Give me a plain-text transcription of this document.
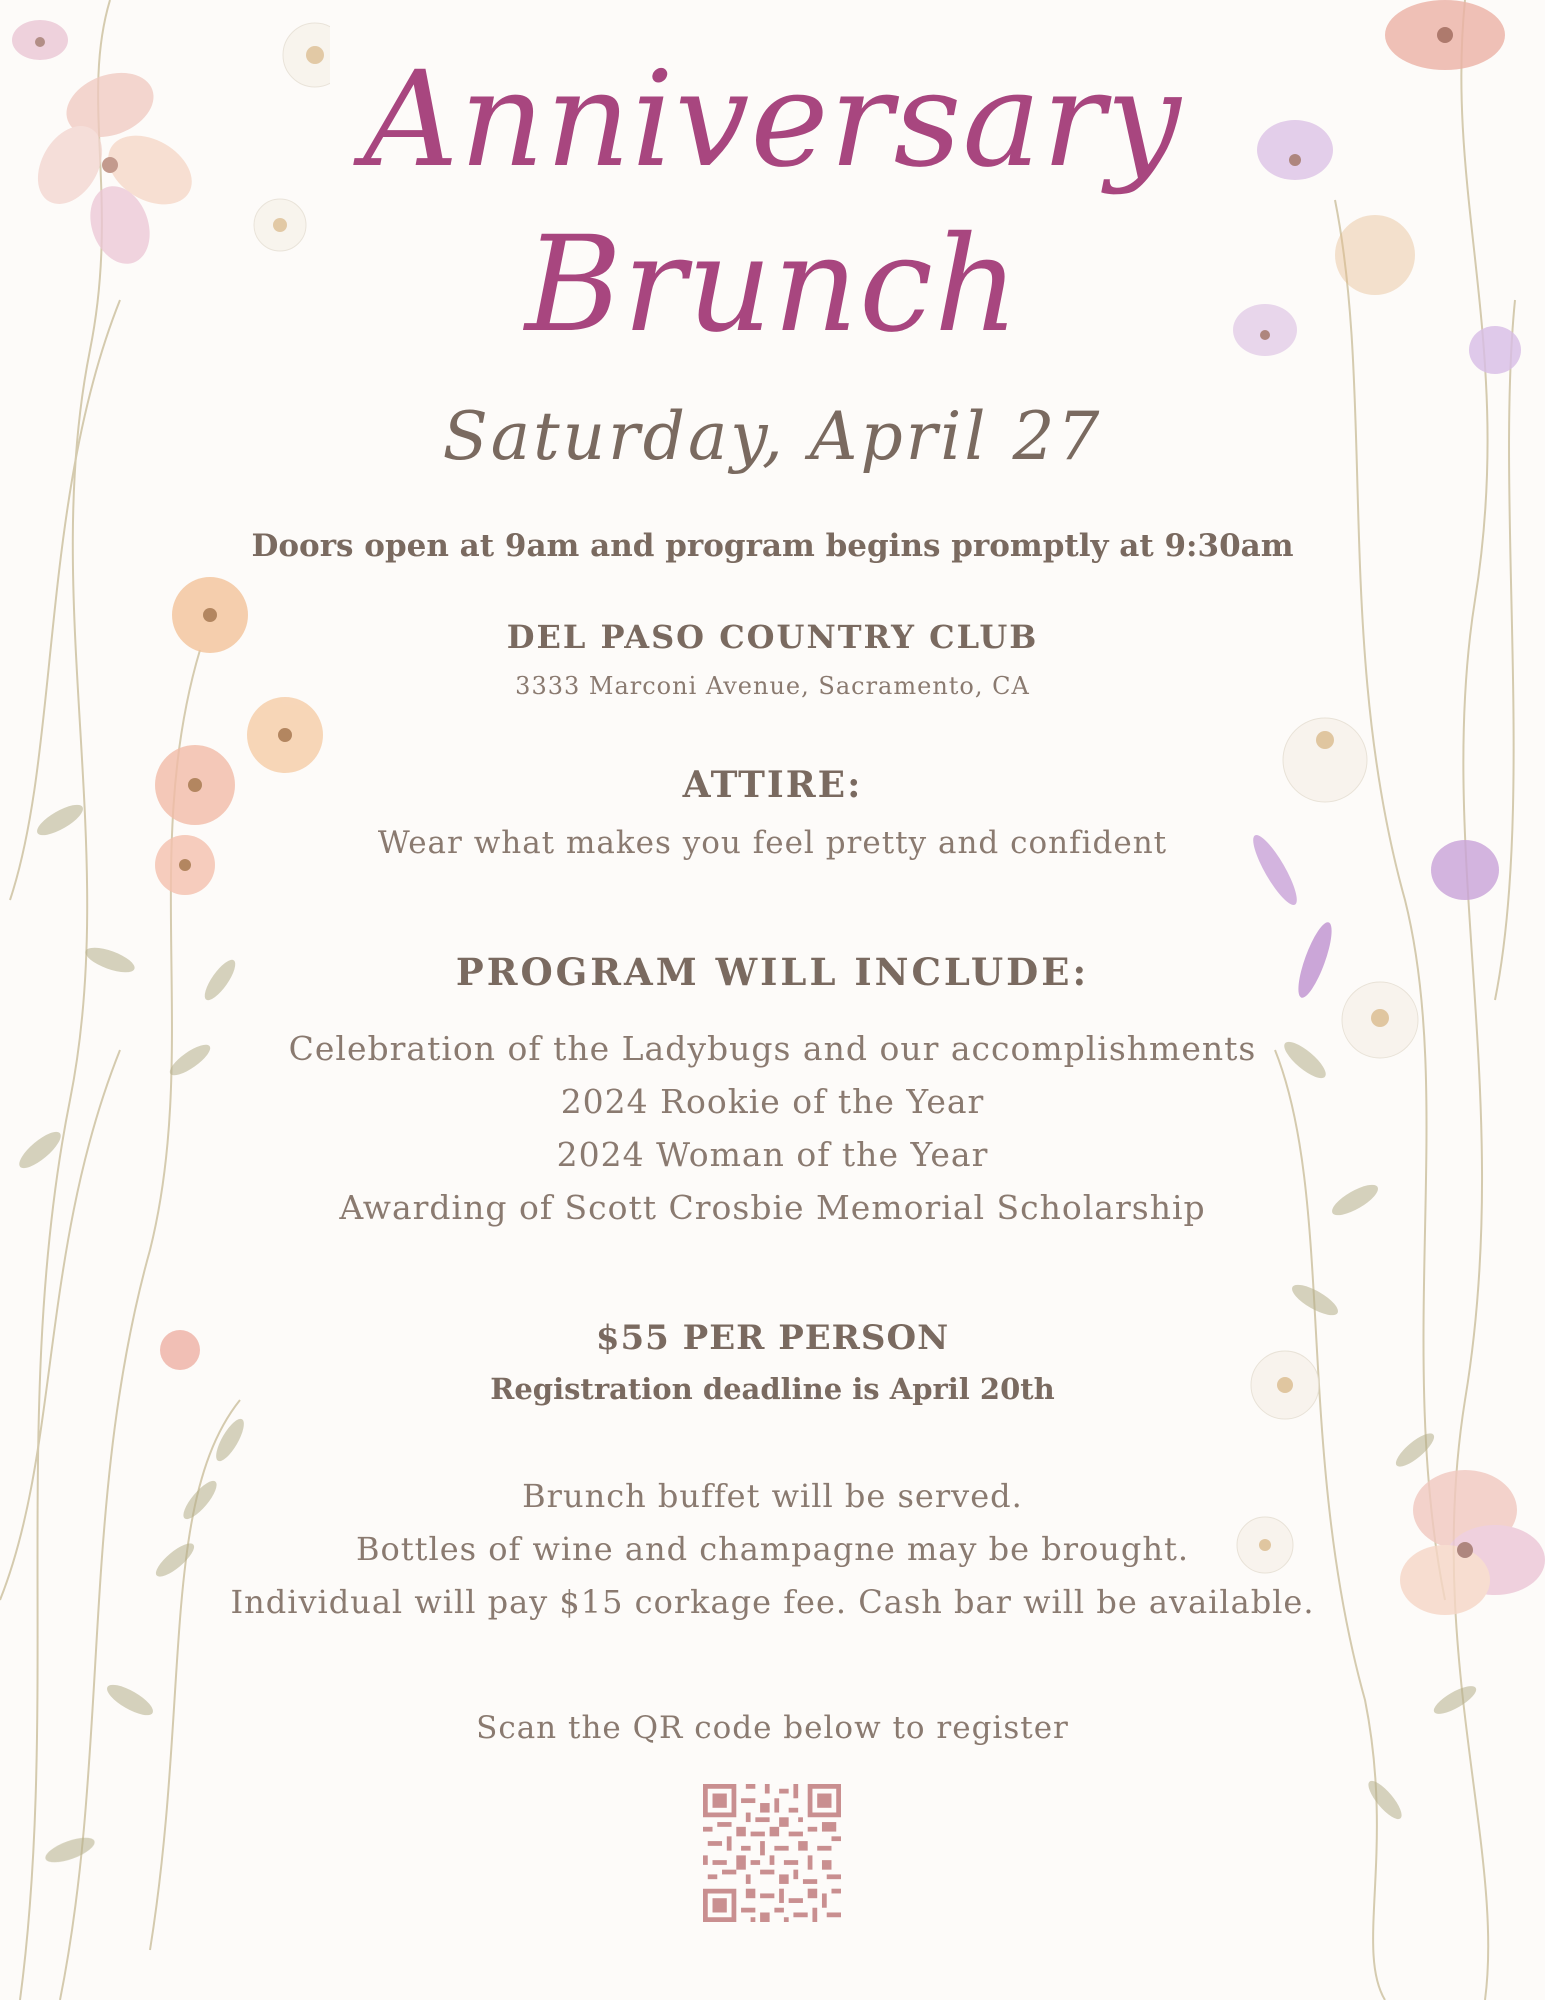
Anniversary
Brunch
Saturday, April 27
Doors open at 9am and program begins promptly at 9:30am
DEL PASO COUNTRY CLUB
3333 Marconi Avenue, Sacramento, CA
ATTIRE:
Wear what makes you feel pretty and confident
PROGRAM WILL INCLUDE:
Celebration of the Ladybugs and our accomplishments
2024 Rookie of the Year
2024 Woman of the Year
Awarding of Scott Crosbie Memorial Scholarship
$55 PER PERSON
Registration deadline is April 20th
Brunch buffet will be served.
Bottles of wine and champagne may be brought.
Individual will pay $15 corkage fee. Cash bar will be available.
Scan the QR code below to register
